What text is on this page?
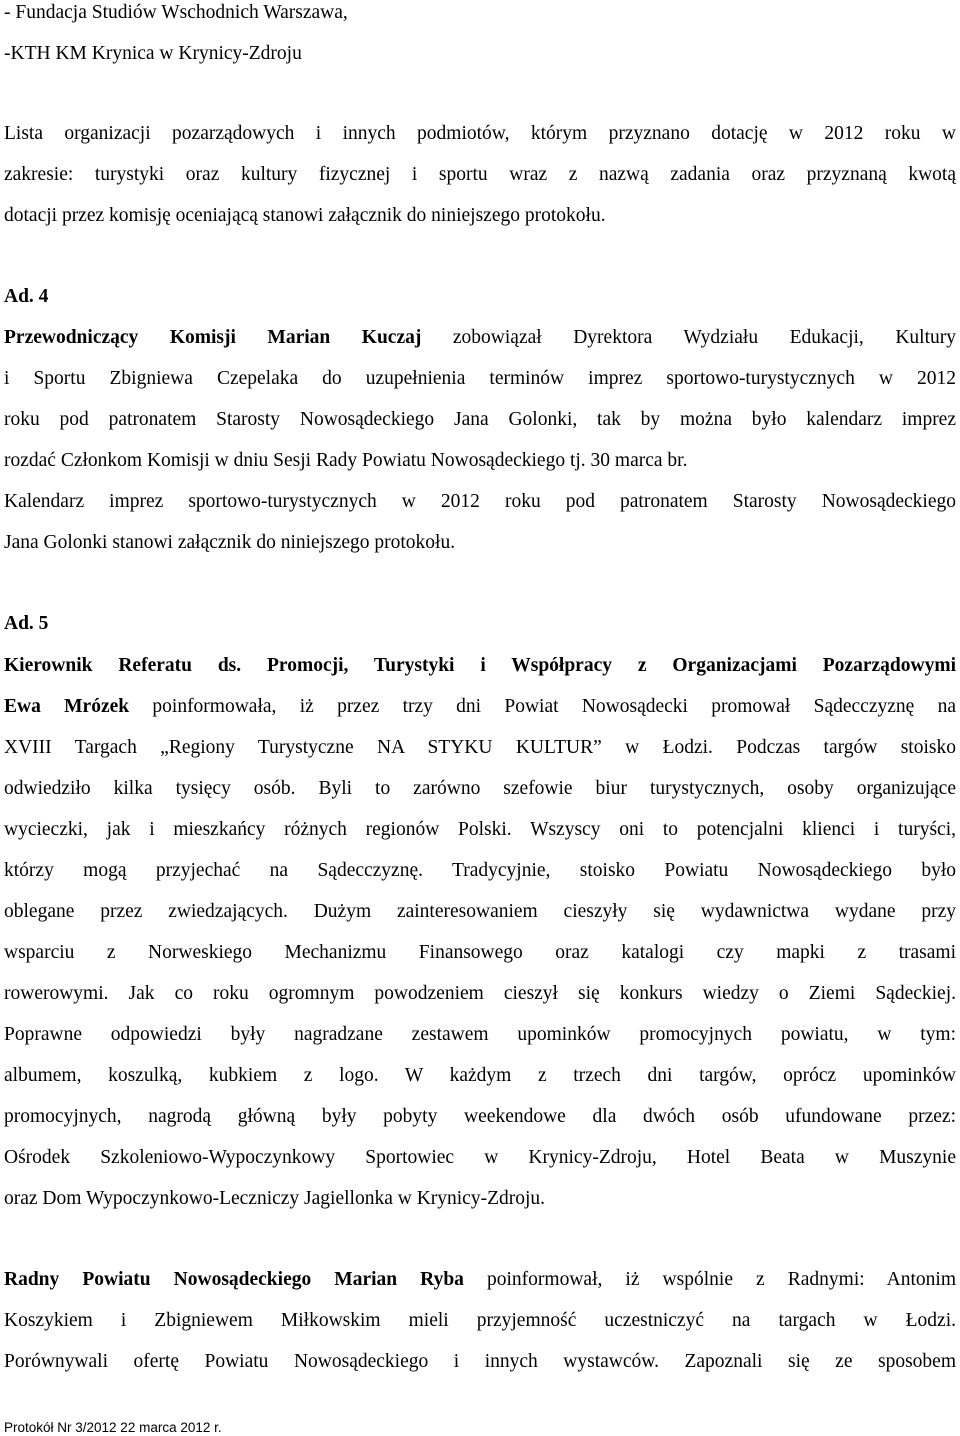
- Fundacja Studiów Wschodnich Warszawa,
-KTH KM Krynica w Krynicy-Zdroju
Lista organizacji pozarządowych i innych podmiotów, którym przyznano dotację w 2012 roku w
zakresie: turystyki oraz kultury fizycznej i sportu wraz z nazwą zadania oraz przyznaną kwotą
dotacji przez komisję oceniającą stanowi załącznik do niniejszego protokołu.
Ad. 4
Przewodniczący Komisji Marian Kuczaj zobowiązał Dyrektora Wydziału Edukacji, Kultury
i Sportu Zbigniewa Czepelaka do uzupełnienia terminów imprez sportowo-turystycznych w 2012
roku pod patronatem Starosty Nowosądeckiego Jana Golonki, tak by można było kalendarz imprez
rozdać Członkom Komisji w dniu Sesji Rady Powiatu Nowosądeckiego tj. 30 marca br.
Kalendarz imprez sportowo-turystycznych w 2012 roku pod patronatem Starosty Nowosądeckiego
Jana Golonki stanowi załącznik do niniejszego protokołu.
Ad. 5
Kierownik Referatu ds. Promocji, Turystyki i Współpracy z Organizacjami Pozarządowymi
Ewa Mrózek poinformowała, iż przez trzy dni Powiat Nowosądecki promował Sądecczyznę na
XVIII Targach „Regiony Turystyczne NA STYKU KULTUR” w Łodzi. Podczas targów stoisko
odwiedziło kilka tysięcy osób. Byli to zarówno szefowie biur turystycznych, osoby organizujące
wycieczki, jak i mieszkańcy różnych regionów Polski. Wszyscy oni to potencjalni klienci i turyści,
którzy mogą przyjechać na Sądecczyznę. Tradycyjnie, stoisko Powiatu Nowosądeckiego było
oblegane przez zwiedzających. Dużym zainteresowaniem cieszyły się wydawnictwa wydane przy
wsparciu z Norweskiego Mechanizmu Finansowego oraz katalogi czy mapki z trasami
rowerowymi. Jak co roku ogromnym powodzeniem cieszył się konkurs wiedzy o Ziemi Sądeckiej.
Poprawne odpowiedzi były nagradzane zestawem upominków promocyjnych powiatu, w tym:
albumem, koszulką, kubkiem z logo. W każdym z trzech dni targów, oprócz upominków
promocyjnych, nagrodą główną były pobyty weekendowe dla dwóch osób ufundowane przez:
Ośrodek Szkoleniowo-Wypoczynkowy Sportowiec w Krynicy-Zdroju, Hotel Beata w Muszynie
oraz Dom Wypoczynkowo-Leczniczy Jagiellonka w Krynicy-Zdroju.
Radny Powiatu Nowosądeckiego Marian Ryba poinformował, iż wspólnie z Radnymi: Antonim
Koszykiem i Zbigniewem Miłkowskim mieli przyjemność uczestniczyć na targach w Łodzi.
Porównywali ofertę Powiatu Nowosądeckiego i innych wystawców. Zapoznali się ze sposobem
Protokół Nr 3/2012 22 marca 2012 r.
